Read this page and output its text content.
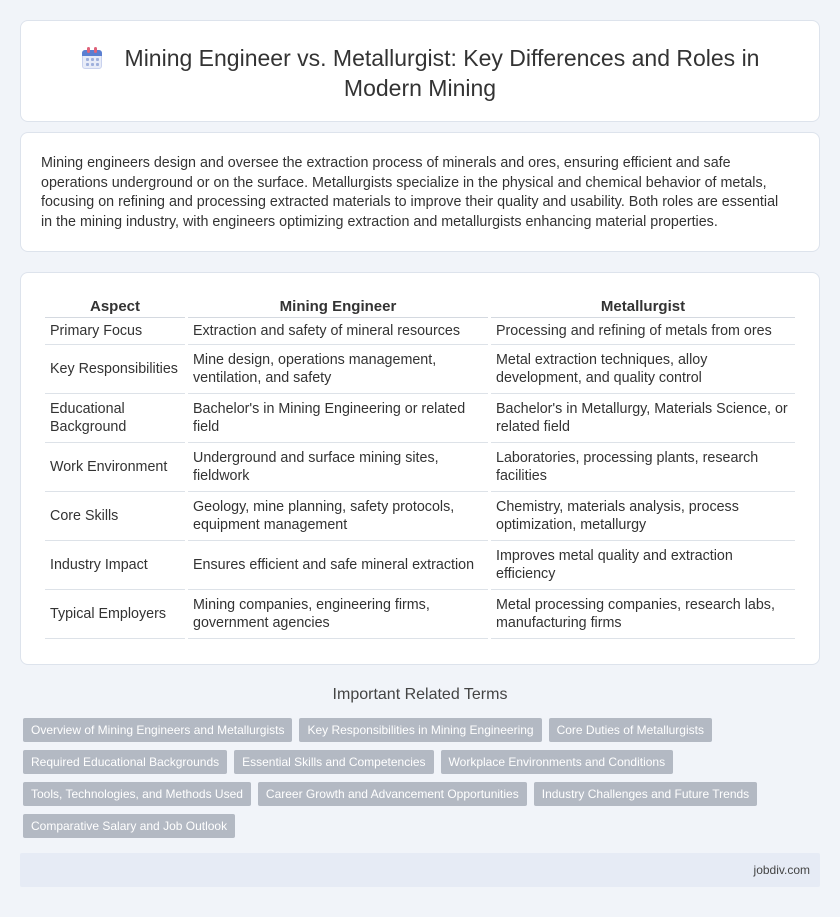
Mining Engineer vs. Metallurgist: Key Differences and Roles in Modern Mining

Mining engineers design and oversee the extraction process of minerals and ores, ensuring efficient and safe operations underground or on the surface. Metallurgists specialize in the physical and chemical behavior of metals, focusing on refining and processing extracted materials to improve their quality and usability. Both roles are essential in the mining industry, with engineers optimizing extraction and metallurgists enhancing material properties.

Aspect	Mining Engineer	Metallurgist
Primary Focus	Extraction and safety of mineral resources	Processing and refining of metals from ores
Key Responsibilities	Mine design, operations management, ventilation, and safety	Metal extraction techniques, alloy development, and quality control
Educational Background	Bachelor's in Mining Engineering or related field	Bachelor's in Metallurgy, Materials Science, or related field
Work Environment	Underground and surface mining sites, fieldwork	Laboratories, processing plants, research facilities
Core Skills	Geology, mine planning, safety protocols, equipment management	Chemistry, materials analysis, process optimization, metallurgy
Industry Impact	Ensures efficient and safe mineral extraction	Improves metal quality and extraction efficiency
Typical Employers	Mining companies, engineering firms, government agencies	Metal processing companies, research labs, manufacturing firms
Important Related Terms
Overview of Mining Engineers and Metallurgists	Key Responsibilities in Mining Engineering	Core Duties of Metallurgists
Required Educational Backgrounds	Essential Skills and Competencies	Workplace Environments and Conditions
Tools, Technologies, and Methods Used	Career Growth and Advancement Opportunities	Industry Challenges and Future Trends
Comparative Salary and Job Outlook
jobdiv.com
